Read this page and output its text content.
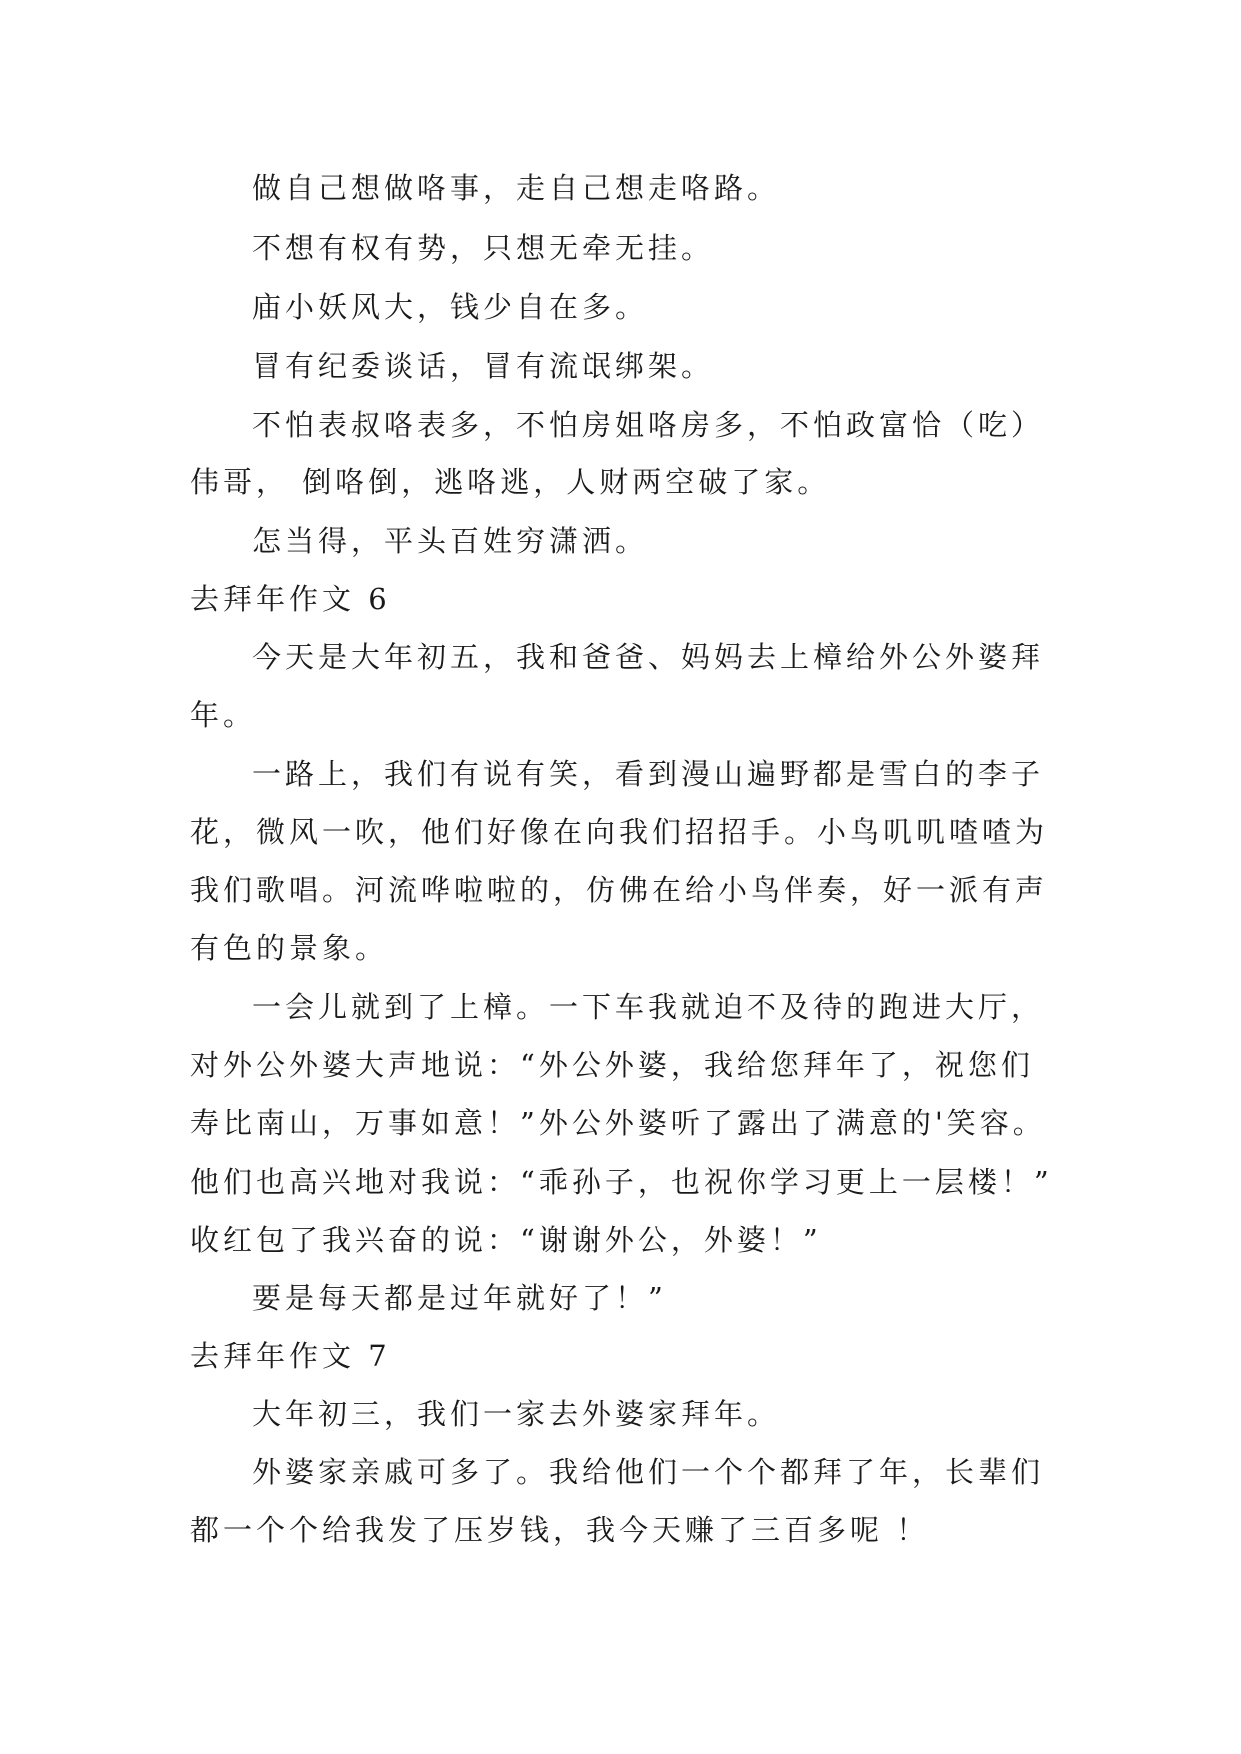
做自己想做咯事，走自己想走咯路。
不想有权有势，只想无牵无挂。
庙小妖风大，钱少自在多。
冒有纪委谈话，冒有流氓绑架。
不怕表叔咯表多，不怕房姐咯房多，不怕政富恰（吃）
伟哥， 倒咯倒，逃咯逃，人财两空破了家。
怎当得，平头百姓穷潇洒。
去拜年作文 6
今天是大年初五，我和爸爸、妈妈去上樟给外公外婆拜
年。
一路上，我们有说有笑，看到漫山遍野都是雪白的李子
花，微风一吹，他们好像在向我们招招手。小鸟叽叽喳喳为
我们歌唱。河流哗啦啦的，仿佛在给小鸟伴奏，好一派有声
有色的景象。
一会儿就到了上樟。一下车我就迫不及待的跑进大厅，
对外公外婆大声地说：“外公外婆，我给您拜年了，祝您们
寿比南山，万事如意！”外公外婆听了露出了满意的'笑容。
他们也高兴地对我说：“乖孙子，也祝你学习更上一层楼！”
收红包了我兴奋的说：“谢谢外公，外婆！”
要是每天都是过年就好了！”
去拜年作文 7
大年初三，我们一家去外婆家拜年。
外婆家亲戚可多了。我给他们一个个都拜了年，长辈们
都一个个给我发了压岁钱，我今天赚了三百多呢 ！
